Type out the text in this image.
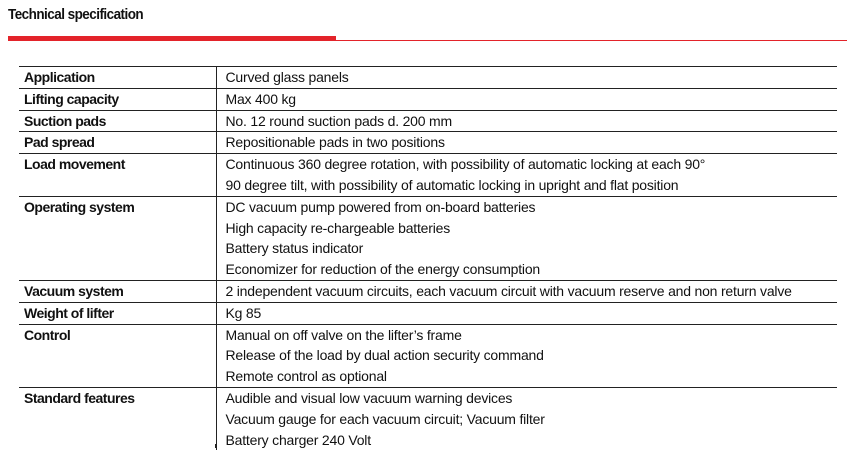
Technical specification
Application	Curved glass panels

Lifting capacity	Max 400 kg

Suction pads	No. 12 round suction pads d. 200 mm

Pad spread	Repositionable pads in two positions

Load movement	Continuous 360 degree rotation, with possibility of automatic locking at each 90°
90 degree tilt, with possibility of automatic locking in upright and flat position

Operating system	DC vacuum pump powered from on-board batteries
High capacity re-chargeable batteries
Battery status indicator
Economizer for reduction of the energy consumption

Vacuum system	2 independent vacuum circuits, each vacuum circuit with vacuum reserve and non return valve

Weight of lifter	Kg 85

Control	Manual on off valve on the lifter’s frame
Release of the load by dual action security command
Remote control as optional

Standard features	Audible and visual low vacuum warning devices
Vacuum gauge for each vacuum circuit; Vacuum filter
Battery charger 240 Volt
